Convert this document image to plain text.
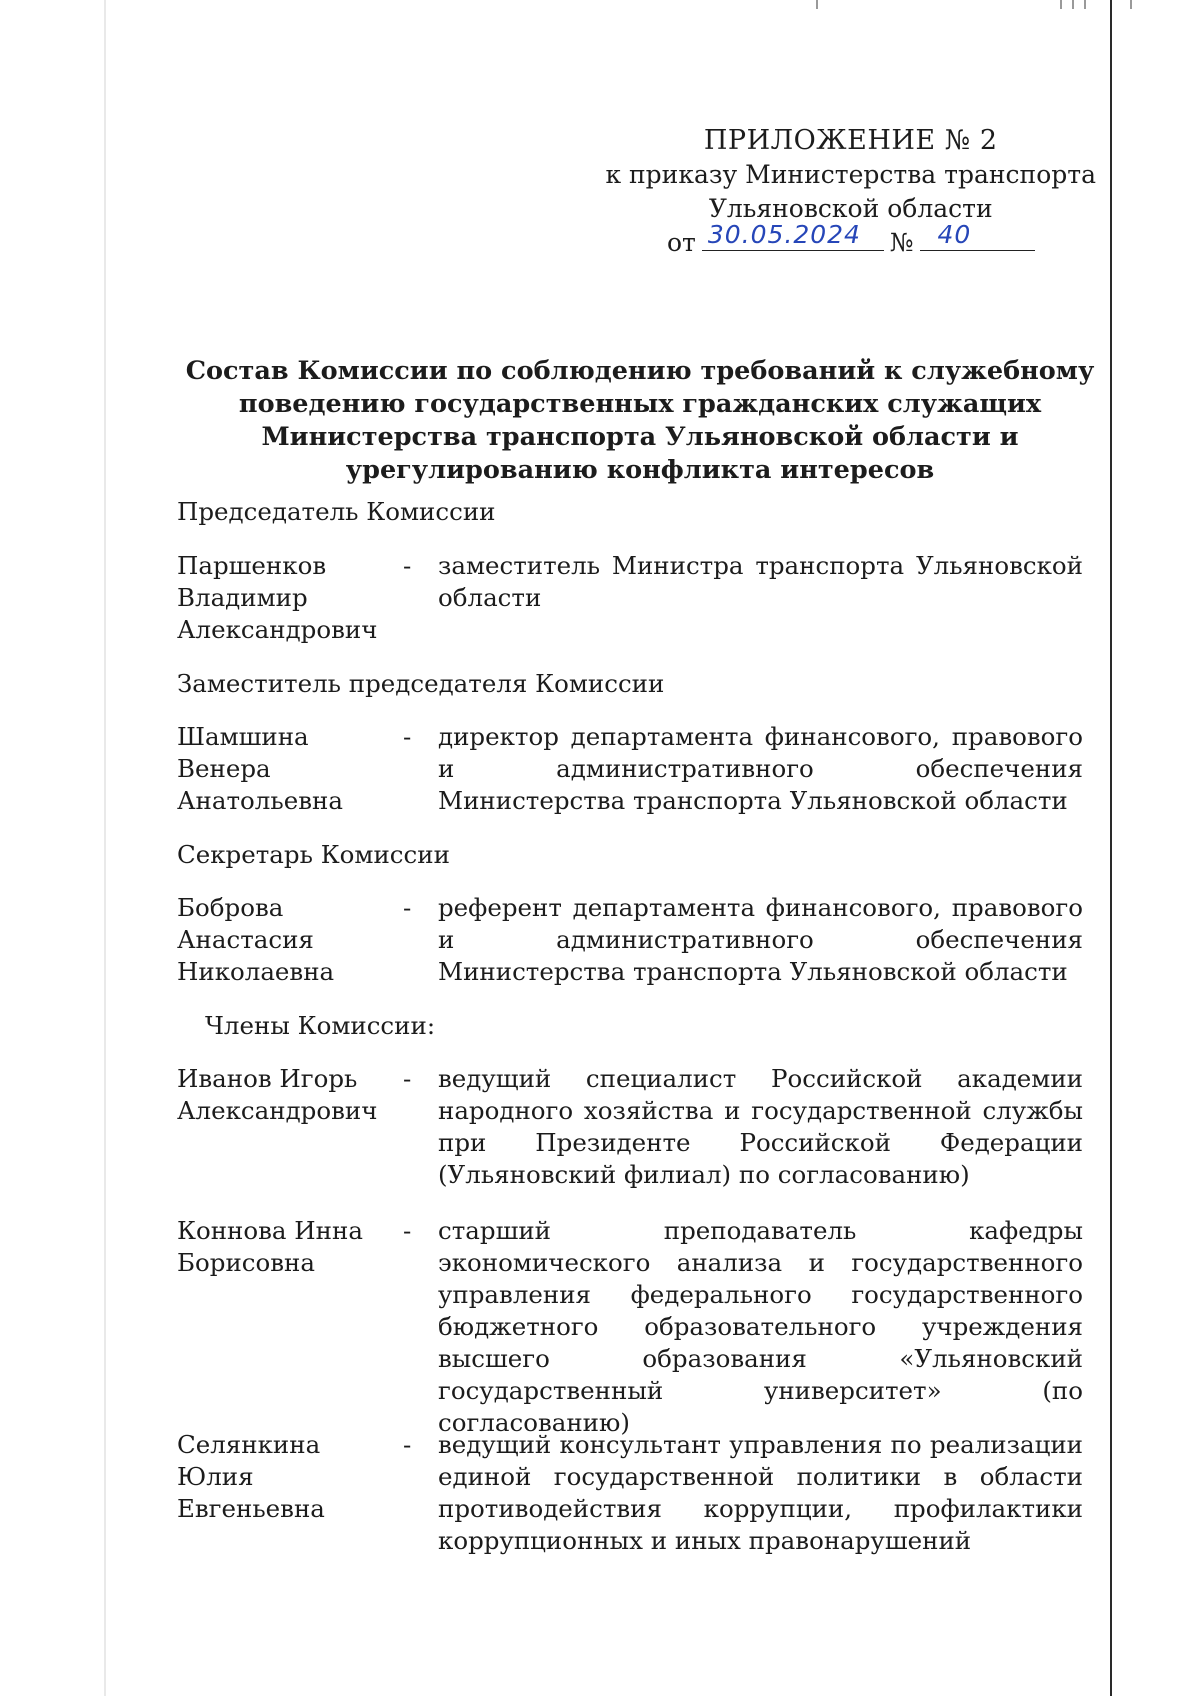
ПРИЛОЖЕНИЕ № 2
к приказу Министерства транспорта
Ульяновской области
от 30.05.2024 № 40
Состав Комиссии по соблюдению требований к служебному поведению государственных гражданских служащих Министерства транспорта Ульяновской области и урегулированию конфликта интересов
Председатель Комиссии
Паршенков Владимир Александрович
- заместитель Министра транспорта Ульяновской области
Заместитель председателя Комиссии
Шамшина Венера Анатольевна
- директор департамента финансового, правового и административного обеспечения Министерства транспорта Ульяновской области
Секретарь Комиссии
Боброва Анастасия Николаевна
- референт департамента финансового, правового и административного обеспечения Министерства транспорта Ульяновской области
Члены Комиссии:
Иванов Игорь Александрович
- ведущий специалист Российской академии народного хозяйства и государственной службы при Президенте Российской Федерации (Ульяновский филиал) по согласованию)
Коннова Инна Борисовна
- старший преподаватель кафедры экономического анализа и государственного управления федерального государственного бюджетного образовательного учреждения высшего образования «Ульяновский государственный университет» (по согласованию)
Селянкина Юлия Евгеньевна
- ведущий консультант управления по реализации единой государственной политики в области противодействия коррупции, профилактики коррупционных и иных правонарушений
